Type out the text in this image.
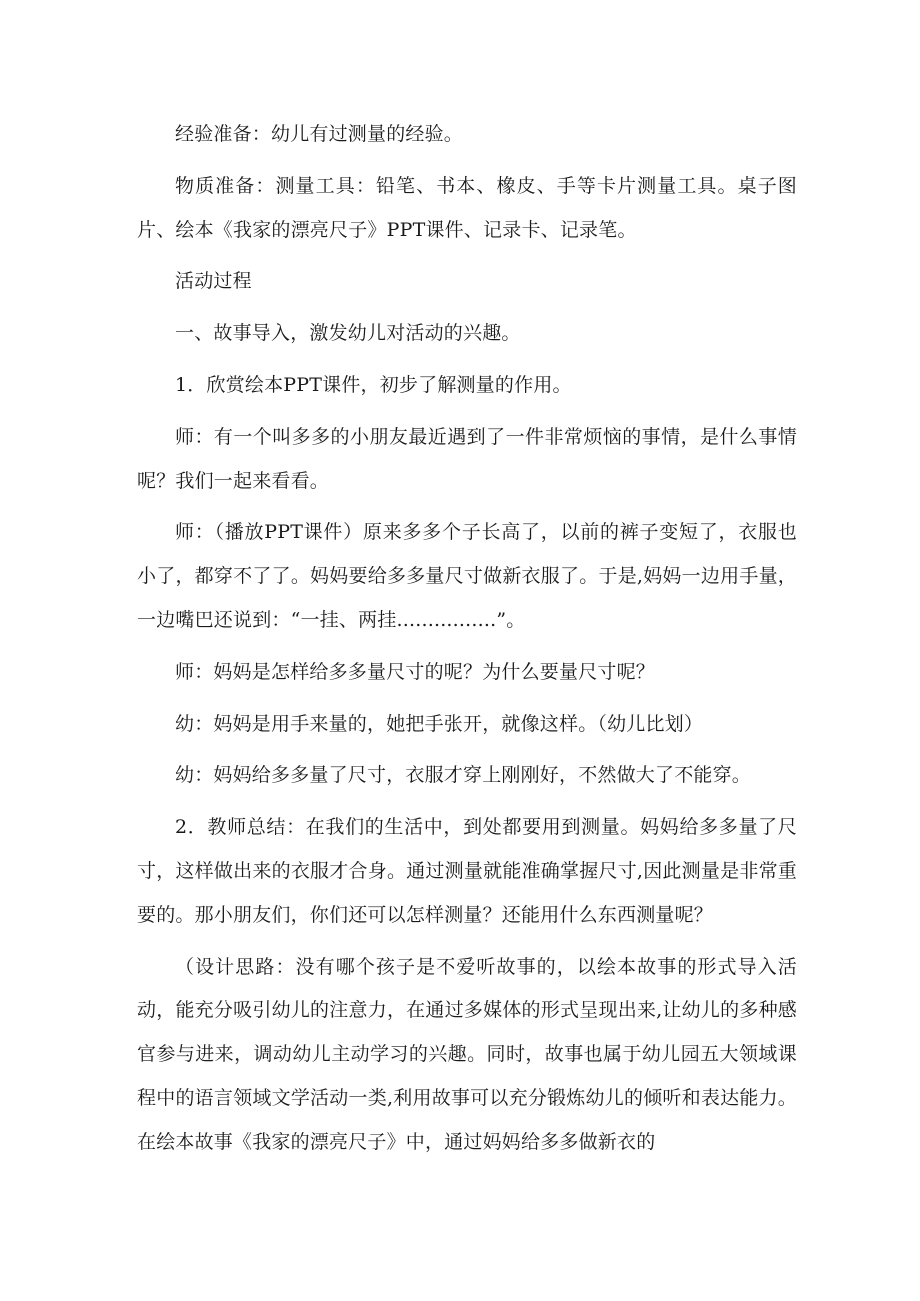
经验准备：幼儿有过测量的经验。

物质准备：测量工具：铅笔、书本、橡皮、手等卡片测量工具。桌子图片、绘本《我家的漂亮尺子》PPT课件、记录卡、记录笔。

活动过程

一、故事导入，激发幼儿对活动的兴趣。

1．欣赏绘本PPT课件，初步了解测量的作用。

师：有一个叫多多的小朋友最近遇到了一件非常烦恼的事情，是什么事情呢？我们一起来看看。

师：（播放PPT课件）原来多多个子长高了，以前的裤子变短了，衣服也小了，都穿不了了。妈妈要给多多量尺寸做新衣服了。于是,妈妈一边用手量，一边嘴巴还说到：“一挂、两挂................”。

师：妈妈是怎样给多多量尺寸的呢？为什么要量尺寸呢？

幼：妈妈是用手来量的，她把手张开，就像这样。（幼儿比划）

幼：妈妈给多多量了尺寸，衣服才穿上刚刚好，不然做大了不能穿。

2．教师总结：在我们的生活中，到处都要用到测量。妈妈给多多量了尺寸，这样做出来的衣服才合身。通过测量就能准确掌握尺寸,因此测量是非常重要的。那小朋友们，你们还可以怎样测量？还能用什么东西测量呢？

（设计思路：没有哪个孩子是不爱听故事的，以绘本故事的形式导入活动，能充分吸引幼儿的注意力，在通过多媒体的形式呈现出来,让幼儿的多种感官参与进来，调动幼儿主动学习的兴趣。同时，故事也属于幼儿园五大领域课程中的语言领域文学活动一类,利用故事可以充分锻炼幼儿的倾听和表达能力。在绘本故事《我家的漂亮尺子》中，通过妈妈给多多做新衣的
